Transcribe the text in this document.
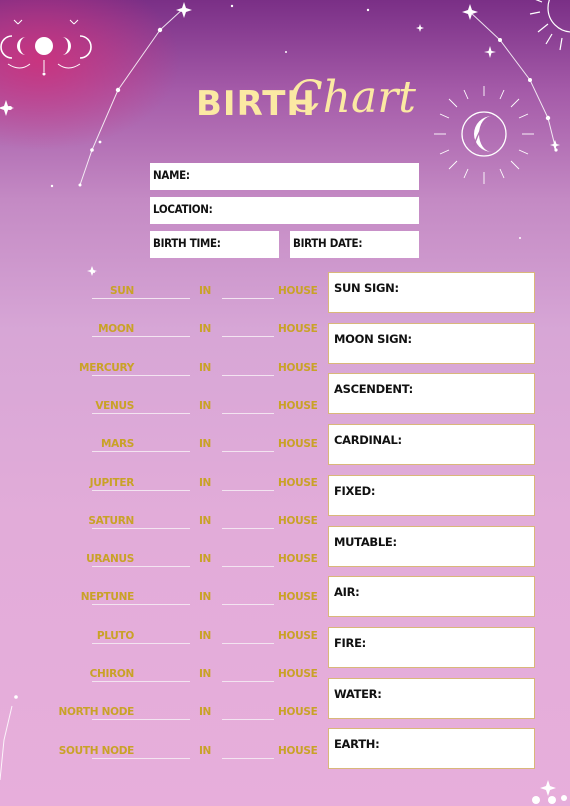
BIRTH
Chart
NAME:
LOCATION:
BIRTH TIME:	BIRTH DATE:
SUN	IN	HOUSE
MOON	IN	HOUSE
MERCURY	IN	HOUSE
VENUS	IN	HOUSE
MARS	IN	HOUSE
JUPITER	IN	HOUSE
SATURN	IN	HOUSE
URANUS	IN	HOUSE
NEPTUNE	IN	HOUSE
PLUTO	IN	HOUSE
CHIRON	IN	HOUSE
NORTH NODE	IN	HOUSE
SOUTH NODE	IN	HOUSE
SUN SIGN:
MOON SIGN:
ASCENDENT:
CARDINAL:
FIXED:
MUTABLE:
AIR:
FIRE:
WATER:
EARTH:
